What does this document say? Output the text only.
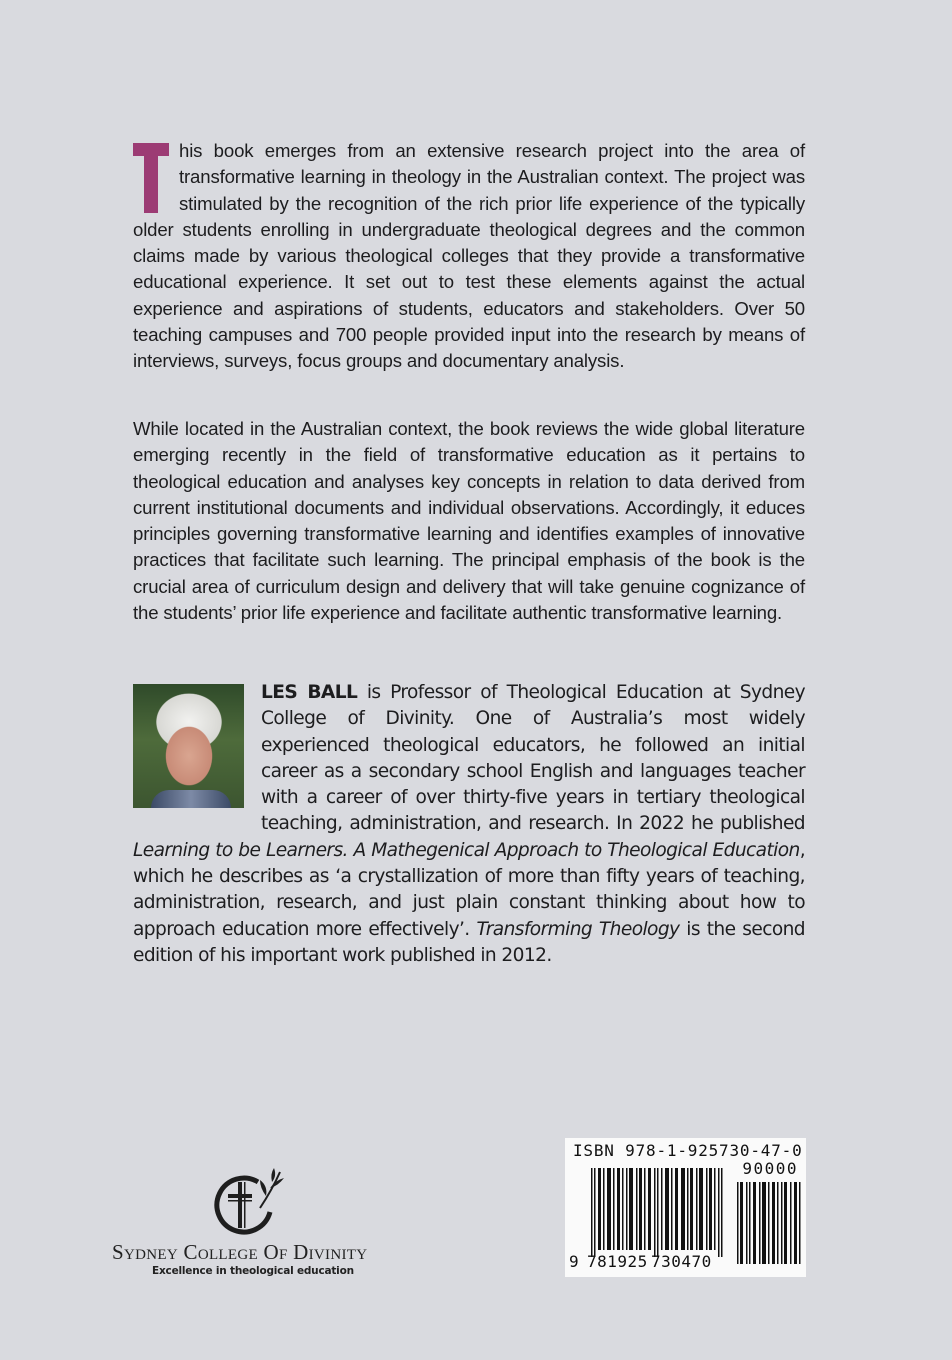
his book emerges from an extensive research project into the area of transformative learning in theology in the Australian context. The project was stimulated by the recognition of the rich prior life experience of the typically older students enrolling in undergraduate theological degrees and the common claims made by various theological colleges that they provide a transformative educational experience. It set out to test these elements against the actual experience and aspirations of students, educators and stakeholders. Over 50 teaching campuses and 700 people provided input into the research by means of interviews, surveys, focus groups and documentary analysis.
While located in the Australian context, the book reviews the wide global literature emerging recently in the field of transformative education as it pertains to theological education and analyses key concepts in relation to data derived from current institutional documents and individual observations. Accordingly, it educes principles governing transformative learning and identifies examples of innovative practices that facilitate such learning. The principal emphasis of the book is the crucial area of curriculum design and delivery that will take genuine cognizance of the students’ prior life experience and facilitate authentic transformative learning.
LES BALL is Professor of Theological Education at Sydney College of Divinity. One of Australia’s most widely experienced theological educators, he followed an initial career as a secondary school English and languages teacher with a career of over thirty-five years in tertiary theological teaching, administration, and research. In 2022 he published Learning to be Learners. A Mathegenical Approach to Theological Education, which he describes as ‘a crystallization of more than fifty years of teaching, administration, research, and just plain constant thinking about how to approach education more effectively’. Transforming Theology is the second edition of his important work published in 2012.
Sydney College Of Divinity
Excellence in theological education
ISBN 978-1-925730-47-0
90000
9 781925 730470
